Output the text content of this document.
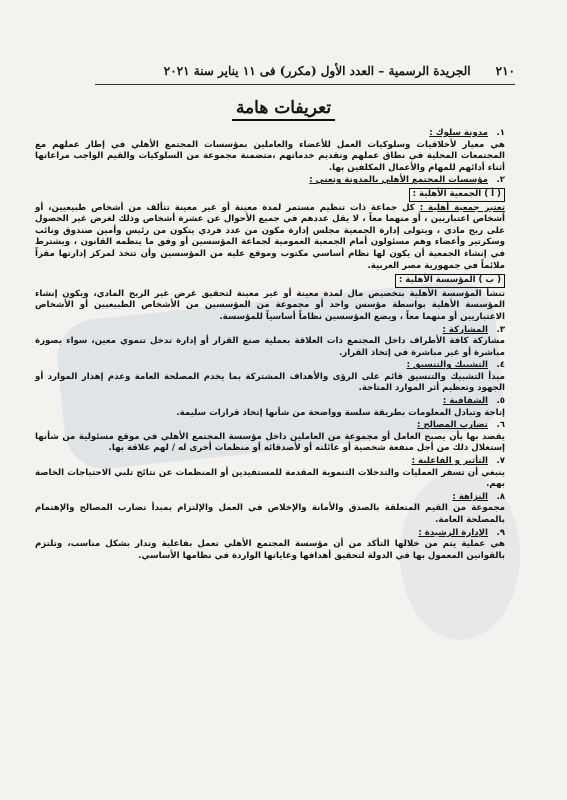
٢١٠      الجريدة الرسمية – العدد الأول (مكرر) فى ١١ يناير سنة ٢٠٢١
تعريفات هامة
١. مدونة سلوك :

هي معيار لأخلاقيات وسلوكيات العمل للأعضاء والعاملين بمؤسسات المجتمع الأهلي في إطار عملهم مع المجتمعات المحلية في نطاق عملهم وتقديم خدماتهم ،متضمنة مجموعة من السلوكيات والقيم الواجب مراعاتها أثناء أدائهم للمهام والأعمال المكلفين بها.

٢. مؤسسات المجتمع الأهلي بالمدونة وتعني :
( أ ) الجمعية الأهلية :

تعتبر جمعية أهلية : كل جماعة ذات تنظيم مستمر لمدة معينة أو غير معينة تتألف من أشخاص طبيعيين، أو أشخاص اعتباريين ، أو منهما معاً ، لا يقل عددهم في جميع الأحوال عن عشرة أشخاص وذلك لغرض غير الحصول على ربح مادي ، ويتولى إدارة الجمعية مجلس إدارة مكون من عدد فردي يتكون من رئيس وأمين صندوق ونائب وسكرتير وأعضاء وهم مسئولون أمام الجمعية العمومية لجماعة المؤسسين أو وفق ما ينظمه القانون ، ويشترط في إنشاء الجمعية أن يكون لها نظام أساسي مكتوب وموقع عليه من المؤسسين وأن تتخذ لمركز إدارتها مقراً ملائماً في جمهورية مصر العربية.

( ب ) المؤسسة الأهلية :

تنشأ المؤسسة الأهلية بتخصيص مال لمدة معينة أو غير معينة لتحقيق غرض غير الربح المادي، ويكون إنشاء المؤسسة الأهلية بواسطة مؤسس واحد أو مجموعة من المؤسسين من الأشخاص الطبيعيين أو الأشخاص الاعتباريين أو منهما معاً ، ويضع المؤسسين نظاماً أساسياً للمؤسسة.

٣. المشاركة :

مشاركة كافة الأطراف داخل المجتمع ذات العلاقة بعملية صنع القرار أو إدارة تدخل تنموي معين، سواء بصورة مباشرة أو غير مباشرة في إتخاذ القرار.

٤. التشبيك والتنسيق :

مبدأ التشبيك والتنسيق قائم على الرؤى والأهداف المشتركة بما يخدم المصلحة العامة وعدم إهدار الموارد أو الجهود وتعظيم أثر الموارد المتاحة.

٥. الشفافية :

إتاحة وتبادل المعلومات بطريقة سلسة وواضحة من شأنها إتخاذ قرارات سليمة.

٦. تضارب المصالح :

يقصد بها بأن يصبح العامل أو مجموعة من العاملين داخل مؤسسة المجتمع الأهلي في موقع مسئولية من شأنها إستغلال ذلك من أجل منفعة شخصية أو عائلته أو لأصدقائه أو منظمات أخرى له / لهم علاقة بها.

٧. التأثير و الفاعلية :

ينبغي أن تسفر العمليات والتدخلات التنموية المقدمة للمستفيدين أو المنظمات عن نتائج تلبي الاحتياجات الخاصة بهم.

٨. النزاهة :

مجموعة من القيم المتعلقة بالصدق والأمانة والإخلاص في العمل والإلتزام بمبدأ تضارب المصالح والإهتمام بالمصلحة العامة.

٩. الإدارة الرشيدة :

هي عملية يتم من خلالها التأكد من أن مؤسسة المجتمع الأهلي تعمل بفاعلية وتدار بشكل مناسب، وتلتزم بالقوانين المعمول بها في الدولة لتحقيق أهدافها وغاياتها الواردة في نظامها الأساسي.
